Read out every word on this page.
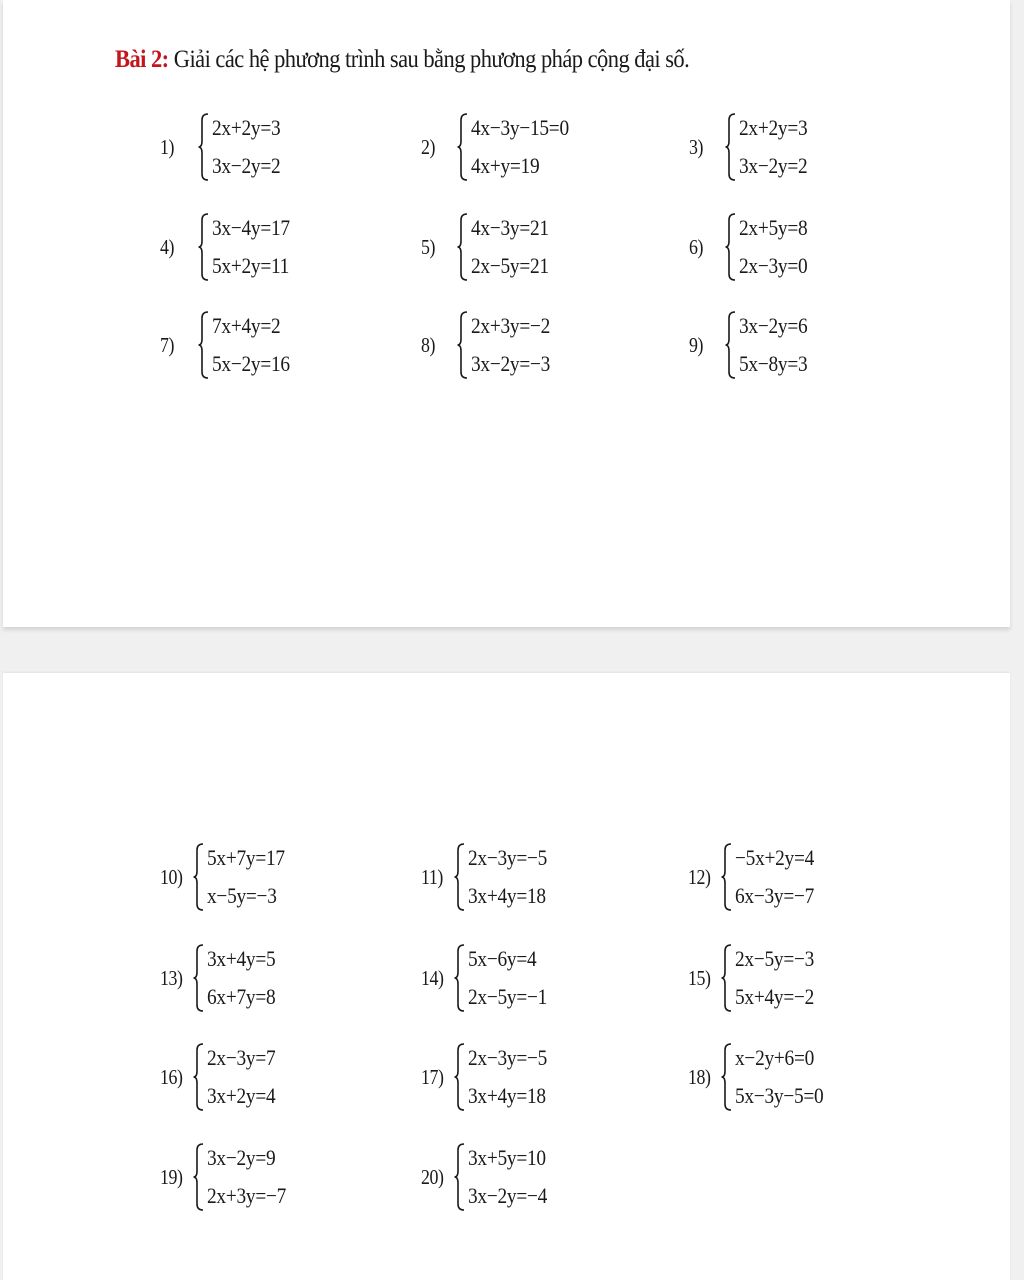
Bài 2: Giải các hệ phương trình sau bằng phương pháp cộng đại số.
1)
2x+2y=3
3x−2y=2
2)
4x−3y−15=0
4x+y=19
3)
2x+2y=3
3x−2y=2
4)
3x−4y=17
5x+2y=11
5)
4x−3y=21
2x−5y=21
6)
2x+5y=8
2x−3y=0
7)
7x+4y=2
5x−2y=16
8)
2x+3y=−2
3x−2y=−3
9)
3x−2y=6
5x−8y=3
10)
5x+7y=17
x−5y=−3
11)
2x−3y=−5
3x+4y=18
12)
−5x+2y=4
6x−3y=−7
13)
3x+4y=5
6x+7y=8
14)
5x−6y=4
2x−5y=−1
15)
2x−5y=−3
5x+4y=−2
16)
2x−3y=7
3x+2y=4
17)
2x−3y=−5
3x+4y=18
18)
x−2y+6=0
5x−3y−5=0
19)
3x−2y=9
2x+3y=−7
20)
3x+5y=10
3x−2y=−4
